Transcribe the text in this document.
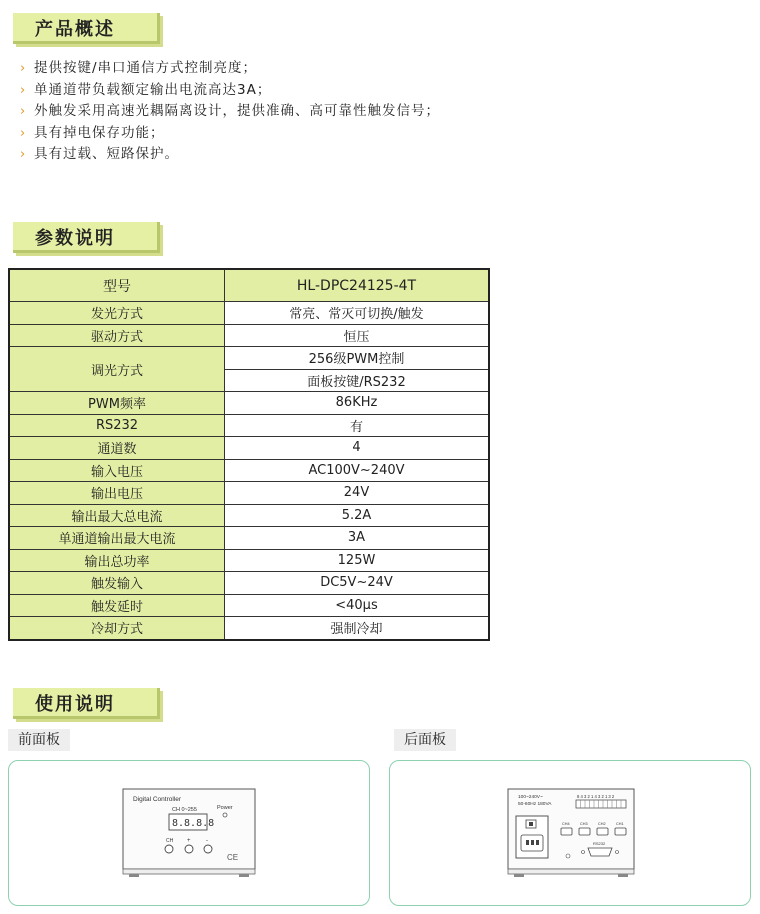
产品概述
› 提供按键/串口通信方式控制亮度；
› 单通道带负载额定输出电流高达3A；
› 外触发采用高速光耦隔离设计，提供准确、高可靠性触发信号；
› 具有掉电保存功能；
› 具有过载、短路保护。
参数说明
型号	HL-DPC24125-4T
发光方式	常亮、常灭可切换/触发
驱动方式	恒压
调光方式	256级PWM控制
	面板按键/RS232
PWM频率	86KHz
RS232	有
通道数	4
输入电压	AC100V~240V
输出电压	24V
输出最大总电流	5.2A
单通道输出最大电流	3A
输出总功率	125W
触发输入	DC5V~24V
触发延时	<40μs
冷却方式	强制冷却
使用说明
前面板	后面板
Digital Controller
CH 0~255	Power
8.8.8.8
CH +	-
CE
100~240V~
50-60Hz 180VA
8 4 3 2 1 4 3 2 1 3 2
CH4	CH3	CH2	CH1
RS232
